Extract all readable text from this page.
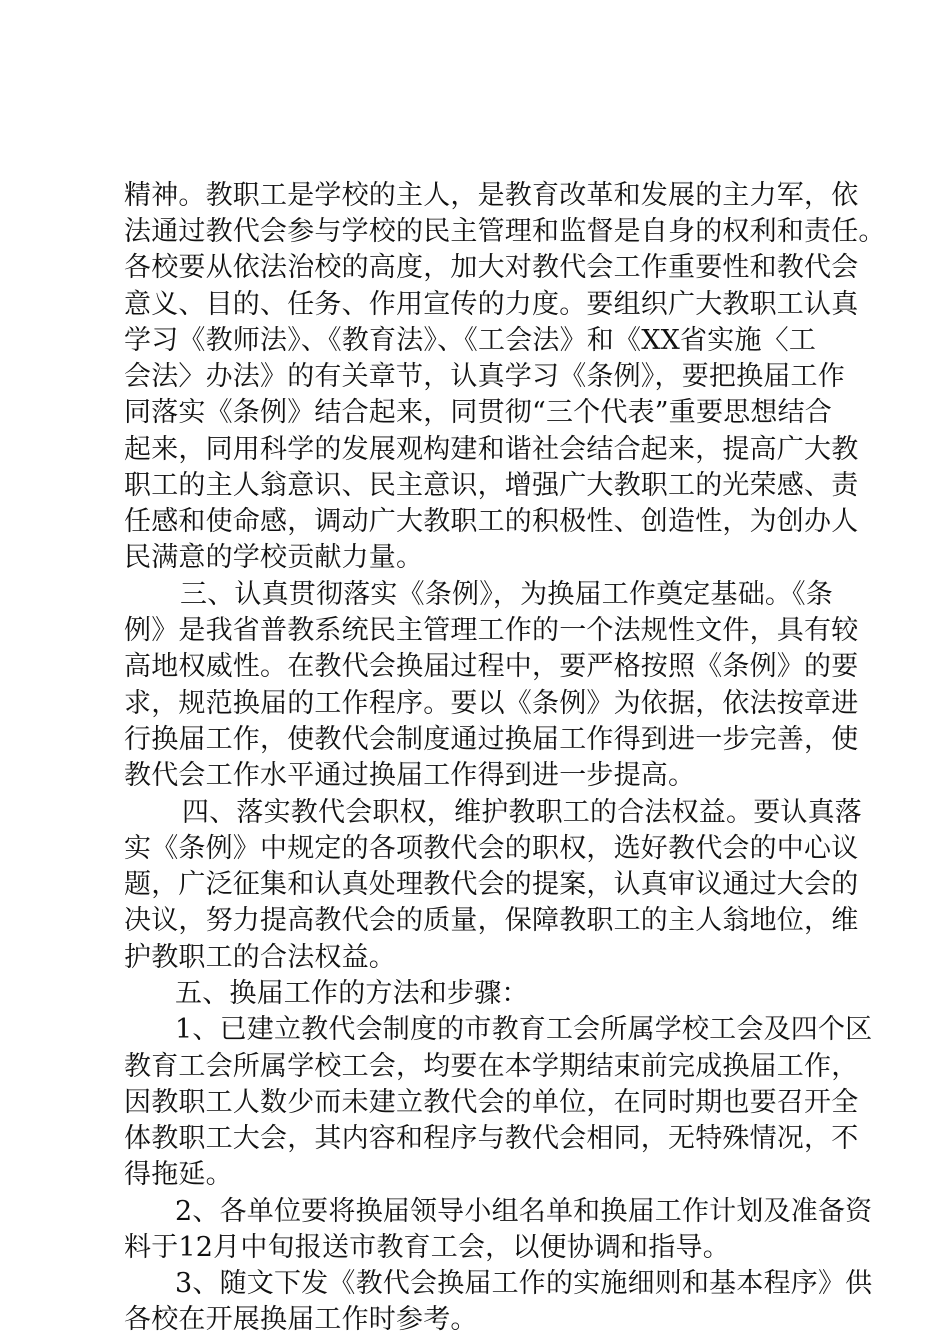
精神。教职工是学校的主人，是教育改革和发展的主力军，依
法通过教代会参与学校的民主管理和监督是自身的权利和责任。
各校要从依法治校的高度，加大对教代会工作重要性和教代会
意义、目的、任务、作用宣传的力度。要组织广大教职工认真
学习《教师法》、《教育法》、《工会法》和《XX省实施〈工
会法〉办法》的有关章节，认真学习《条例》，要把换届工作
同落实《条例》结合起来，同贯彻“三个代表”重要思想结合
起来，同用科学的发展观构建和谐社会结合起来，提高广大教
职工的主人翁意识、民主意识，增强广大教职工的光荣感、责
任感和使命感，调动广大教职工的积极性、创造性，为创办人
民满意的学校贡献力量。
三、认真贯彻落实《条例》，为换届工作奠定基础。《条
例》是我省普教系统民主管理工作的一个法规性文件，具有较
高地权威性。在教代会换届过程中，要严格按照《条例》的要
求，规范换届的工作程序。要以《条例》为依据，依法按章进
行换届工作，使教代会制度通过换届工作得到进一步完善，使
教代会工作水平通过换届工作得到进一步提高。
四、落实教代会职权，维护教职工的合法权益。要认真落
实《条例》中规定的各项教代会的职权，选好教代会的中心议
题，广泛征集和认真处理教代会的提案，认真审议通过大会的
决议，努力提高教代会的质量，保障教职工的主人翁地位，维
护教职工的合法权益。
五、换届工作的方法和步骤：
1、已建立教代会制度的市教育工会所属学校工会及四个区
教育工会所属学校工会，均要在本学期结束前完成换届工作，
因教职工人数少而未建立教代会的单位，在同时期也要召开全
体教职工大会，其内容和程序与教代会相同，无特殊情况，不
得拖延。
2、各单位要将换届领导小组名单和换届工作计划及准备资
料于12月中旬报送市教育工会，以便协调和指导。
3、随文下发《教代会换届工作的实施细则和基本程序》供
各校在开展换届工作时参考。
